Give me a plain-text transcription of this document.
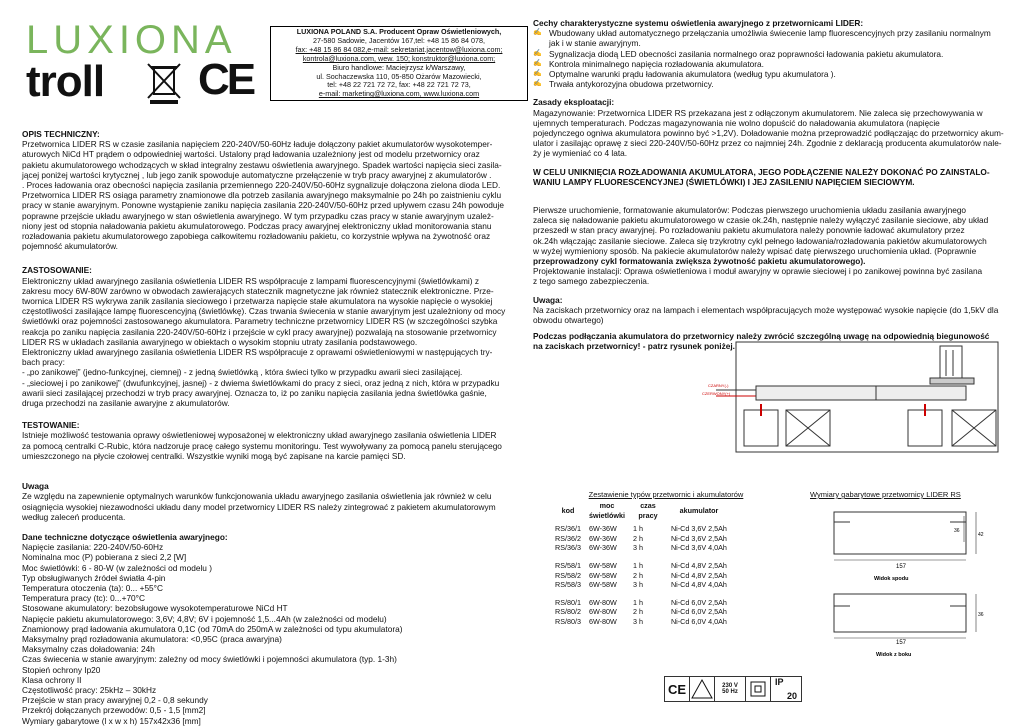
LUXIONA
troll CE
LUXIONA POLAND S.A. Producent Opraw Oświetleniowych,
27-580 Sadowie, Jacentów 167,tel: +48 15 86 84 078,
fax: +48 15 86 84 082,e-mail: sekretariat.jacentow@luxiona.com;
kontrola@luxiona.com, wew. 150; konstruktor@luxiona.com;
Biuro handlowe: Maciejrzysz k/Warszawy,
ul. Sochaczewska 110, 05-850 Ożarów Mazowiecki,
tel: +48 22 721 72 72, fax: +48 22 721 72 73,
e-mail: marketing@luxiona.com, www.luxiona.com

OPIS TECHNICZNY:

Przetwornica LIDER RS w czasie zasilania napięciem 220-240V/50-60Hz ładuje dołączony pakiet akumulatorów wysokotemper-

aturowych NiCd HT prądem o odpowiedniej wartości. Ustalony prąd ładowania uzależniony jest od modelu przetwornicy oraz

pakietu akumulatorowego wchodzących w skład integralny zestawu oświetlenia awaryjnego. Spadek wartości napięcia sieci zasila-

jącej poniżej wartości krytycznej , lub jego zanik spowoduje automatyczne przełączenie w tryb pracy awaryjnej z akumulatorów .

. Proces ładowania oraz obecności napięcia zasilania przemiennego 220-240V/50-60Hz sygnalizuje dołączona zielona dioda LED.

Przetwornica LIDER RS osiąga parametry znamionowe dla potrzeb zasilania awaryjnego maksymalnie po 24h po zaistnieniu cyklu

pracy w stanie awaryjnym. Ponowne wystąpienie zaniku napięcia zasilania 220-240V/50-60Hz przed upływem czasu 24h powoduje

poprawne przejście układu awaryjnego w stan oświetlenia awaryjnego. W tym przypadku czas pracy w stanie awaryjnym uzależ-

niony jest od stopnia naładowania pakietu akumulatorowego. Podczas pracy awaryjnej elektroniczny układ monitorowania stanu

rozładowania pakietu akumulatorowego zapobiega całkowitemu rozładowaniu pakietu, co korzystnie wpływa na żywotność oraz

pojemność akumulatorów.

ZASTOSOWANIE:

Elektroniczny układ awaryjnego zasilania oświetlenia LIDER RS współpracuje z lampami fluorescencyjnymi (świetlówkami) z

zakresu mocy 6W-80W zarówno w obwodach zawierających statecznik magnetyczne jak również statecznik elektroniczne. Prze-

twornica LIDER RS wykrywa zanik zasilania sieciowego i przetwarza napięcie stałe akumulatora na wysokie napięcie o wysokiej

częstotliwości zasilające lampę fluorescencyjną (świetlówkę). Czas trwania świecenia w stanie awaryjnym jest uzależniony od mocy

świetlówki oraz pojemności zastosowanego akumulatora. Parametry techniczne przetwornicy LIDER RS (w szczególności szybka

reakcja po zaniku napięcia zasilania 220-240V/50-60Hz i przejście w cykl pracy awaryjnej) pozwalają na stosowanie przetwornicy

LIDER RS w układach zasilania awaryjnego w obiektach o wysokim stopniu utraty zasilania podstawowego.

Elektroniczny układ awaryjnego zasilania oświetlenia LIDER RS współpracuje z oprawami oświetleniowymi w następujących try-

bach pracy:

- „po zanikowej” (jedno-funkcyjnej, ciemnej) - z jedną świetlówką , która świeci tylko w przypadku awarii sieci zasilającej.

- „sieciowej i po zanikowej” (dwufunkcyjnej, jasnej) - z dwiema świetlówkami do pracy z sieci, oraz jedną z nich, która w przypadku

awarii sieci zasilającej przechodzi w tryb pracy awaryjnej. Oznacza to, iż po zaniku napięcia zasilania jedna świetlówka gaśnie,

druga przechodzi na zasilanie awaryjne z akumulatorów.

TESTOWANIE:

Istnieje możliwość testowania oprawy oświetleniowej wyposażonej w elektroniczny układ awaryjnego zasilania oświetlenia LIDER

za pomocą centralki C-Rubic, która nadzoruje pracę całego systemu monitoringu. Test wywoływany za pomocą panelu sterującego

umieszczonego na płycie czołowej centralki. Wszystkie wyniki mogą być zapisane na karcie pamięci SD.

Uwaga

Ze względu na zapewnienie optymalnych warunków funkcjonowania układu awaryjnego zasilania oświetlenia jak również w celu

osiągnięcia wysokiej niezawodności układu dany model przetwornicy LIDER RS należy zintegrować z pakietem akumulatorowym

według zaleceń producenta.

Dane techniczne dotyczące oświetlenia awaryjnego:

Napięcie zasilania: 220-240V/50-60Hz

Nominalna moc (P) pobierana z sieci 2,2 [W]

Moc świetlówki: 6 - 80-W (w zależności od modelu )

Typ obsługiwanych źródeł światła 4-pin

Temperatura otoczenia (ta): 0... +55°C

Temperatura pracy (tc): 0...+70°C

Stosowane akumulatory: bezobsługowe wysokotemperaturowe NiCd HT

Napięcie pakietu akumulatorowego: 3,6V; 4,8V; 6V i pojemność 1,5...4Ah (w zależności od modelu)

Znamionowy prąd ładowania akumulatora 0,1C (od 70mA do 250mA w zależności od typu akumulatora)

Maksymalny prąd rozładowania akumulatora: <0,95C (praca awaryjna)

Maksymalny czas doładowania: 24h

Czas świecenia w stanie awaryjnym: zależny od mocy świetlówki i pojemności akumulatora (typ. 1-3h)

Stopień ochrony Ip20

Klasa ochrony II

Częstotliwość pracy: 25kHz – 30kHz

Przejście w stan pracy awaryjnej 0,2 - 0,8 sekundy

Przekrój dołączanych przewodów: 0,5 - 1,5 [mm2]

Wymiary gabarytowe (l x w x h) 157x42x36 [mm]

Cechy charakterystyczne systemu oświetlenia awaryjnego z przetwornicami LIDER:

✍ Wbudowany układ automatycznego przełączania umożliwia świecenie lamp fluorescencyjnych przy zasilaniu normalnym
jak i w stanie awaryjnym.
✍ Sygnalizacja diodą LED obecności zasilania normalnego oraz poprawności ładowania pakietu akumulatora.
✍ Kontrola minimalnego napięcia rozładowania akumulatora.
✍ Optymalne warunki prądu ładowania akumulatora (według typu akumulatora ).
✍ Trwała antykorozyjna obudowa przetwornicy.

Zasady eksploatacji:

Magazynowanie: Przetwornica LIDER RS przekazana jest z odłączonym akumulatorem. Nie zaleca się przechowywania w

ujemnych temperaturach. Podczas magazynowania nie wolno dopuścić do naładowania akumulatora (napięcie

pojedynczego ogniwa akumulatora powinno być >1,2V). Doładowanie można przeprowadzić podłączając do przetwornicy akum-

ulator i zasilając oprawę z sieci 220-240V/50-60Hz przez co najmniej 24h. Zgodnie z deklaracją producenta akumulatorów nale-

ży je wymieniać co 4 lata.

W CELU UNIKNIĘCIA ROZŁADOWANIA AKUMULATORA, JEGO PODŁĄCZENIE NALEŻY DOKONAĆ PO ZAINSTALO-

WANIU LAMPY FLUORESCENCYJNEJ (ŚWIETLÓWKI) I JEJ ZASILENIU NAPIĘCIEM SIECIOWYM.

Pierwsze uruchomienie, formatowanie akumulatorów: Podczas pierwszego uruchomienia układu zasilania awaryjnego

zaleca się naładowanie pakietu akumulatorowego w czasie ok.24h, następnie należy wyłączyć zasilanie sieciowe, aby układ

przeszedł w stan pracy awaryjnej. Po rozładowaniu pakietu akumulatora należy ponownie ładować akumulatory przez

ok.24h włączając zasilanie sieciowe. Zaleca się trzykrotny cykl pełnego ładowania/rozładowania pakietów akumulatorowych

w wyżej wymieniony sposób. Na pakiecie akumulatorów należy wpisać datę pierwszego uruchomienia układ. (Poprawnie

przeprowadzony cykl formatowania zwiększa żywotność pakietu akumulatorowego).

Projektowanie instalacji: Oprawa oświetleniowa i moduł awaryjny w oprawie sieciowej i po zanikowej powinna być zasilana

z tego samego zabezpieczenia.

Uwaga:

Na zaciskach przetwornicy oraz na lampach i elementach współpracujących może występować wysokie napięcie (do 1,5kV dla

obwodu otwartego)

Podczas podłączania akumulatora do przetwornicy należy zwrócić szczególną uwagę na odpowiednią biegunowość

na zaciskach przetwornicy! - patrz rysunek poniżej.

CZARNY(-)
CZERWONY(+)
Zestawienie typów przetwornic i akumulatorów
kod	moc świetlówki	czas pracy	akumulator

RS/36/1	6W-36W	1 h	Ni-Cd 3,6V 2,5Ah
RS/36/2	6W-36W	2 h	Ni-Cd 3,6V 2,5Ah
RS/36/3	6W-36W	3 h	Ni-Cd 3,6V 4,0Ah

RS/58/1	6W-58W	1 h	Ni-Cd 4,8V 2,5Ah
RS/58/2	6W-58W	2 h	Ni-Cd 4,8V 2,5Ah
RS/58/3	6W-58W	3 h	Ni-Cd 4,8V 4,0Ah

RS/80/1	6W-80W	1 h	Ni-Cd 6,0V 2,5Ah
RS/80/2	6W-80W	2 h	Ni-Cd 6,0V 2,5Ah
RS/80/3	6W-80W	3 h	Ni-Cd 6,0V 4,0Ah
Wymiary gabarytowe przetwornicy LIDER RS
157
36
42
Widok spodu
157
36
Widok z boku
CE	230 V
50 Hz
IP
20
